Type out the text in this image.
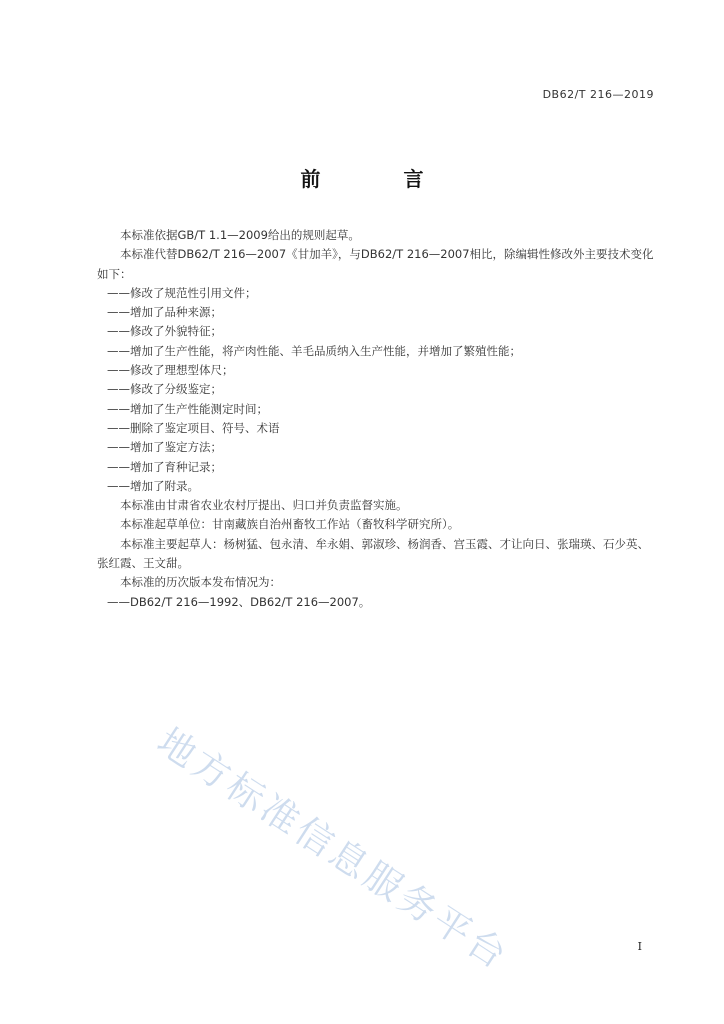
DB62/T 216—2019
前 言

本标准依据GB/T 1.1—2009给出的规则起草。

本标准代替DB62/T 216—2007《甘加羊》，与DB62/T 216—2007相比，除编辑性修改外主要技术变化如下：

——修改了规范性引用文件；

——增加了品种来源；

——修改了外貌特征；

——增加了生产性能，将产肉性能、羊毛品质纳入生产性能，并增加了繁殖性能；

——修改了理想型体尺；

——修改了分级鉴定；

——增加了生产性能测定时间；

——删除了鉴定项目、符号、术语

——增加了鉴定方法；

——增加了育种记录；

——增加了附录。

本标准由甘肃省农业农村厅提出、归口并负责监督实施。

本标准起草单位：甘南藏族自治州畜牧工作站（畜牧科学研究所）。

本标准主要起草人：杨树猛、包永清、牟永娟、郭淑珍、杨润香、宫玉霞、才让向日、张瑞瑛、石少英、张红霞、王文甜。

本标准的历次版本发布情况为：

——DB62/T 216—1992、DB62/T 216—2007。

地方标准信息服务平台	I
